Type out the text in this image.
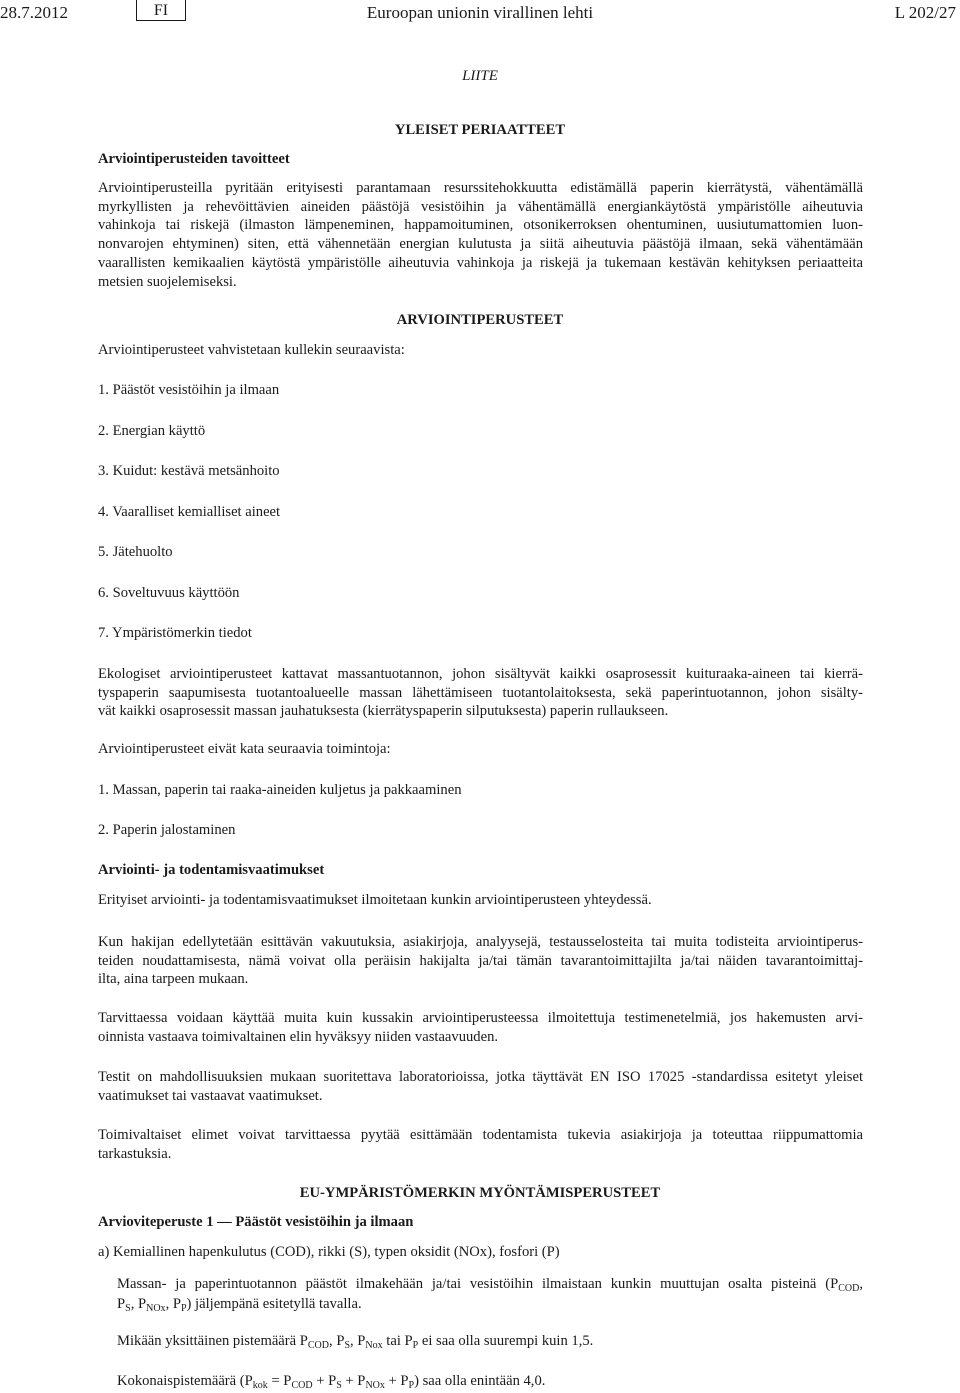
28.7.2012	FI	Euroopan unionin virallinen lehti	L 202/27
LIITE
YLEISET PERIAATTEET
Arviointiperusteiden tavoitteet
Arviointiperusteilla pyritään erityisesti parantamaan resurssitehokkuutta edistämällä paperin kierrätystä, vähentämällä
myrkyllisten ja rehevöittävien aineiden päästöjä vesistöihin ja vähentämällä energiankäytöstä ympäristölle aiheutuvia
vahinkoja tai riskejä (ilmaston lämpeneminen, happamoituminen, otsonikerroksen ohentuminen, uusiutumattomien luon-
nonvarojen ehtyminen) siten, että vähennetään energian kulutusta ja siitä aiheutuvia päästöjä ilmaan, sekä vähentämään
vaarallisten kemikaalien käytöstä ympäristölle aiheutuvia vahinkoja ja riskejä ja tukemaan kestävän kehityksen periaatteita
metsien suojelemiseksi.
ARVIOINTIPERUSTEET
Arviointiperusteet vahvistetaan kullekin seuraavista:
1. Päästöt vesistöihin ja ilmaan
2. Energian käyttö
3. Kuidut: kestävä metsänhoito
4. Vaaralliset kemialliset aineet
5. Jätehuolto
6. Soveltuvuus käyttöön
7. Ympäristömerkin tiedot
Ekologiset arviointiperusteet kattavat massantuotannon, johon sisältyvät kaikki osaprosessit kuituraaka-aineen tai kierrä-
tyspaperin saapumisesta tuotantoalueelle massan lähettämiseen tuotantolaitoksesta, sekä paperintuotannon, johon sisälty-
vät kaikki osaprosessit massan jauhatuksesta (kierrätyspaperin silputuksesta) paperin rullaukseen.
Arviointiperusteet eivät kata seuraavia toimintoja:
1. Massan, paperin tai raaka-aineiden kuljetus ja pakkaaminen
2. Paperin jalostaminen
Arviointi- ja todentamisvaatimukset
Erityiset arviointi- ja todentamisvaatimukset ilmoitetaan kunkin arviointiperusteen yhteydessä.
Kun hakijan edellytetään esittävän vakuutuksia, asiakirjoja, analyysejä, testausselosteita tai muita todisteita arviointiperus-
teiden noudattamisesta, nämä voivat olla peräisin hakijalta ja/tai tämän tavarantoimittajilta ja/tai näiden tavarantoimittaj-
ilta, aina tarpeen mukaan.
Tarvittaessa voidaan käyttää muita kuin kussakin arviointiperusteessa ilmoitettuja testimenetelmiä, jos hakemusten arvi-
oinnista vastaava toimivaltainen elin hyväksyy niiden vastaavuuden.
Testit on mahdollisuuksien mukaan suoritettava laboratorioissa, jotka täyttävät EN ISO 17025 -standardissa esitetyt yleiset
vaatimukset tai vastaavat vaatimukset.
Toimivaltaiset elimet voivat tarvittaessa pyytää esittämään todentamista tukevia asiakirjoja ja toteuttaa riippumattomia
tarkastuksia.
EU-YMPÄRISTÖMERKIN MYÖNTÄMISPERUSTEET
Arvioviteperuste 1 — Päästöt vesistöihin ja ilmaan
a) Kemiallinen hapenkulutus (COD), rikki (S), typen oksidit (NOx), fosfori (P)
Massan- ja paperintuotannon päästöt ilmakehään ja/tai vesistöihin ilmaistaan kunkin muuttujan osalta pisteinä ($P_{COD}$,
$P_S$, $P_{NOx}$, $P_P$) jäljempänä esitetyllä tavalla.
Mikään yksittäinen pistemäärä $P_{COD}$, $P_S$, $P_{Nox}$ tai $P_P$ ei saa olla suurempi kuin 1,5.
Kokonaispistemäärä $(P_{kok} = P_{COD} + P_S + P_{NOx} + P_P)$ saa olla enintään 4,0.
